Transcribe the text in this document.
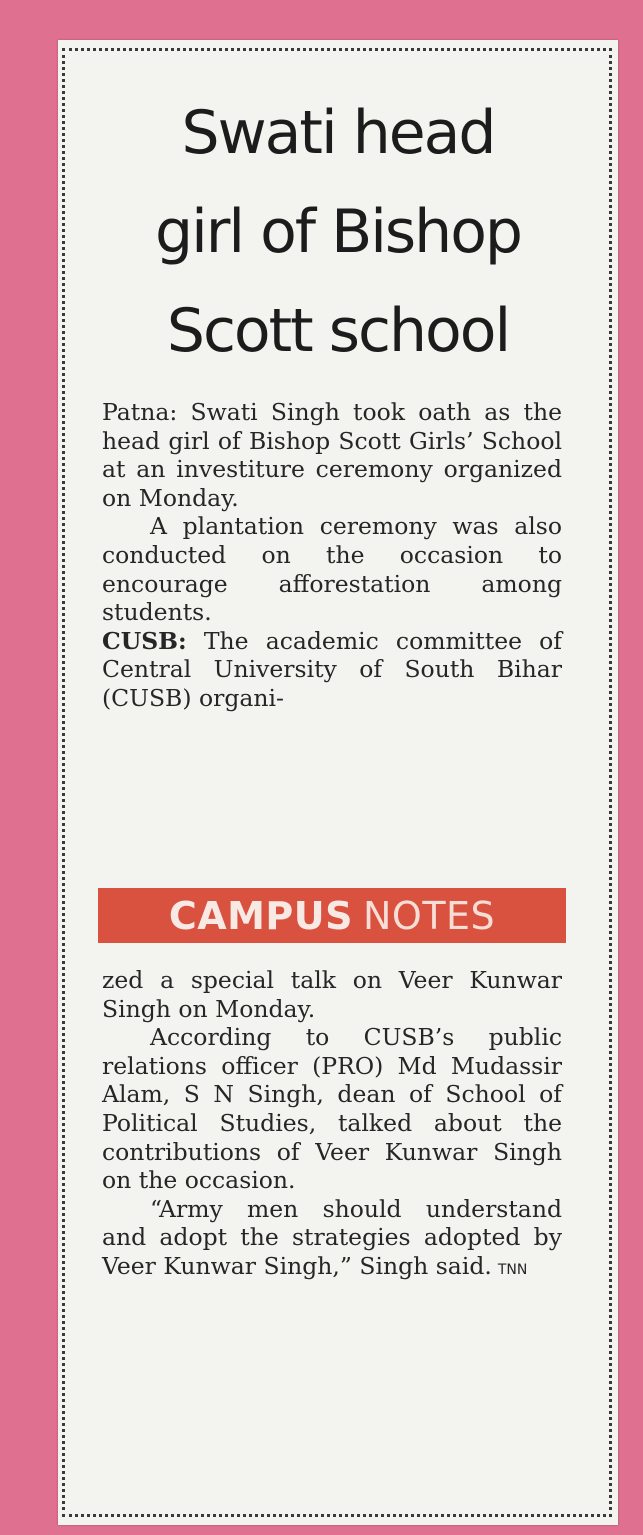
Swati head
girl of Bishop
Scott school

Patna: Swati Singh took oath as the head girl of Bishop Scott Girls’ School at an investiture ceremony organized on Monday.

A plantation ceremony was also conducted on the occasion to encourage afforestation among students.

CUSB: The academic committee of Central University of South Bihar (CUSB) organi-

CAMPUS NOTES

zed a special talk on Veer Kunwar Singh on Monday.

According to CUSB’s public relations officer (PRO) Md Mudassir Alam, S N Singh, dean of School of Political Studies, talked about the contributions of Veer Kunwar Singh on the occasion.

“Army men should understand and adopt the strategies adopted by Veer Kunwar Singh,” Singh said. TNN
